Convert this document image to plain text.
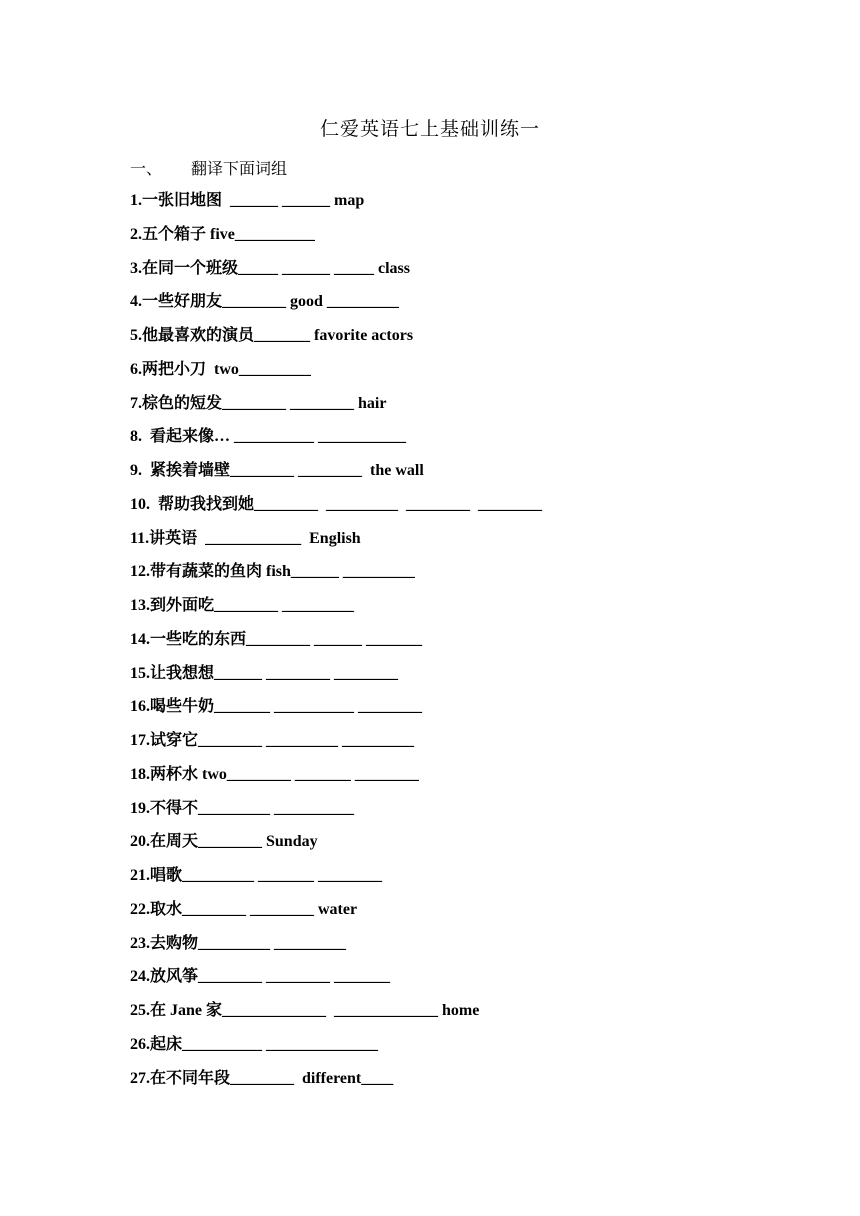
仁爱英语七上基础训练一
一、 翻译下面词组
1.一张旧地图  ______ ______ map
2.五个箱子 five__________
3.在同一个班级_____ ______ _____ class
4.一些好朋友________ good _________
5.他最喜欢的演员_______ favorite actors
6.两把小刀  two_________
7.棕色的短发________ ________ hair
8.  看起来像… __________ ___________
9.  紧挨着墙壁________ ________  the wall
10.  帮助我找到她________  _________  ________  ________
11.讲英语  ____________  English
12.带有蔬菜的鱼肉 fish______ _________
13.到外面吃________ _________
14.一些吃的东西________ ______ _______
15.让我想想______ ________ ________
16.喝些牛奶_______ __________ ________
17.试穿它________ _________ _________
18.两杯水 two________ _______ ________
19.不得不_________ __________
20.在周天________ Sunday
21.唱歌_________ _______ ________
22.取水________ ________ water
23.去购物_________ _________
24.放风筝________ ________ _______
25.在 Jane 家_____________  _____________ home
26.起床__________ ______________
27.在不同年段________  different____
